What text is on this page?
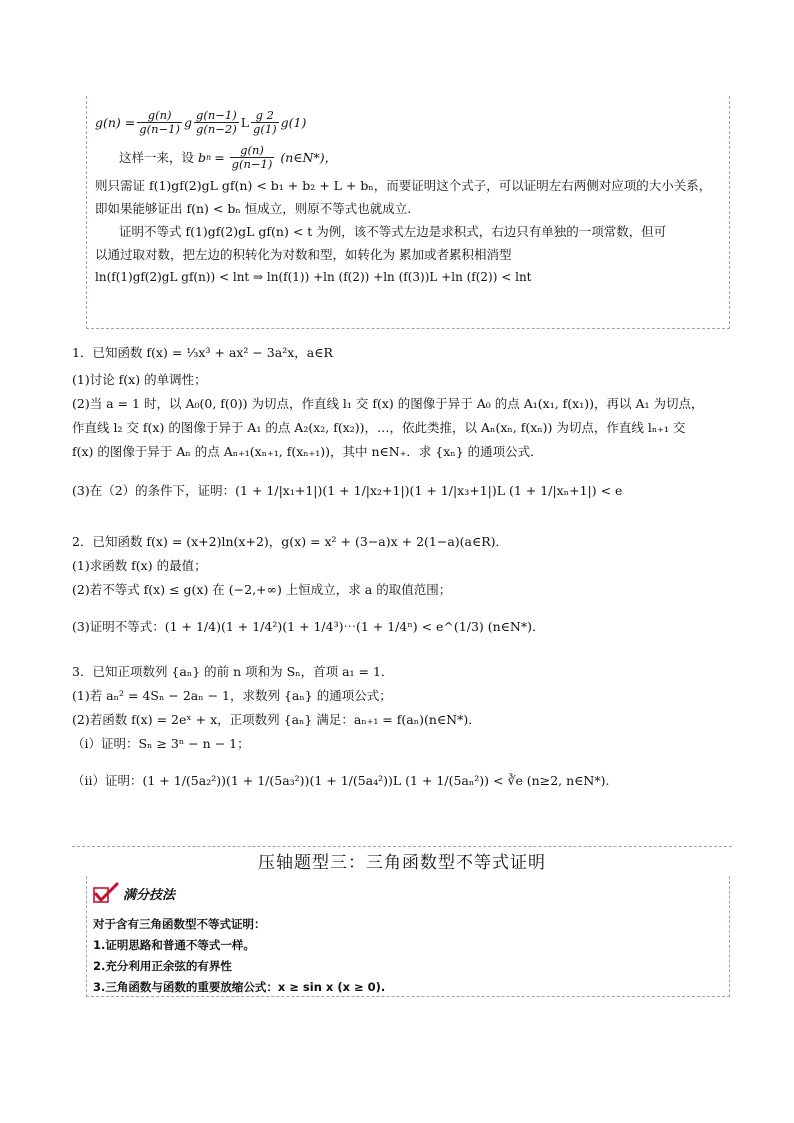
$g(n) = \frac{g(n)}{g(n-1)}$ g $\frac{g(n-1)}{g(n-2)}$ L $\frac{g 2}{g(1)} g(1)$
这样一来，设 b $n = \frac{g(n)}{g(n-1)}$ (n∈N*)，
则只需证 f(1)gf(2)gL gf(n) < b₁ + b₂ + L + bₙ，而要证明这个式子，可以证明左右两侧对应项的大小关系，
即如果能够证出 f(n) < bₙ 恒成立，则原不等式也就成立.
证明不等式 f(1)gf(2)gL gf(n) < t 为例，该不等式左边是求积式，右边只有单独的一项常数，但可
以通过取对数，把左边的积转化为对数和型，如转化为 累加或者累积相消型
ln(f(1)gf(2)gL gf(n)) < lnt ⇒ ln(f(1)) +ln (f(2)) +ln (f(3))L +ln (f(2)) < lnt

1．已知函数 f(x) = ⅓x³ + ax² − 3a²x，a∈R

(1)讨论 f(x) 的单调性；

(2)当 a = 1 时，以 A₀(0, f(0)) 为切点，作直线 l₁ 交 f(x) 的图像于异于 A₀ 的点 A₁(x₁, f(x₁))，再以 A₁ 为切点，

作直线 l₂ 交 f(x) 的图像于异于 A₁ 的点 A₂(x₂, f(x₂))，…，依此类推，以 Aₙ(xₙ, f(xₙ)) 为切点，作直线 lₙ₊₁ 交

f(x) 的图像于异于 Aₙ 的点 Aₙ₊₁(xₙ₊₁, f(xₙ₊₁))，其中 n∈N₊．求 {xₙ} 的通项公式．

(3)在（2）的条件下，证明：(1 + 1/|x₁+1|)(1 + 1/|x₂+1|)(1 + 1/|x₃+1|)L (1 + 1/|xₙ+1|) < e

2．已知函数 f(x) = (x+2)ln(x+2)，g(x) = x² + (3−a)x + 2(1−a)(a∈R)．

(1)求函数 f(x) 的最值；

(2)若不等式 f(x) ≤ g(x) 在 (−2,+∞) 上恒成立，求 a 的取值范围；

(3)证明不等式：(1 + 1/4)(1 + 1/4²)(1 + 1/4³)⋯(1 + 1/4ⁿ) < e^(1/3) (n∈N*)．

3．已知正项数列 {aₙ} 的前 n 项和为 Sₙ，首项 a₁ = 1．

(1)若 aₙ² = 4Sₙ − 2aₙ − 1，求数列 {aₙ} 的通项公式；

(2)若函数 f(x) = 2eˣ + x，正项数列 {aₙ} 满足：aₙ₊₁ = f(aₙ)(n∈N*)．

（i）证明：Sₙ ≥ 3ⁿ − n − 1；

（ii）证明：(1 + 1/(5a₂²))(1 + 1/(5a₃²))(1 + 1/(5a₄²))L (1 + 1/(5aₙ²)) < ∛e (n≥2, n∈N*).

压轴题型三：三角函数型不等式证明
满分技法
对于含有三角函数型不等式证明：
1.证明思路和普通不等式一样。
2.充分利用正余弦的有界性
3.三角函数与函数的重要放缩公式：x ≥ sin x (x ≥ 0).
